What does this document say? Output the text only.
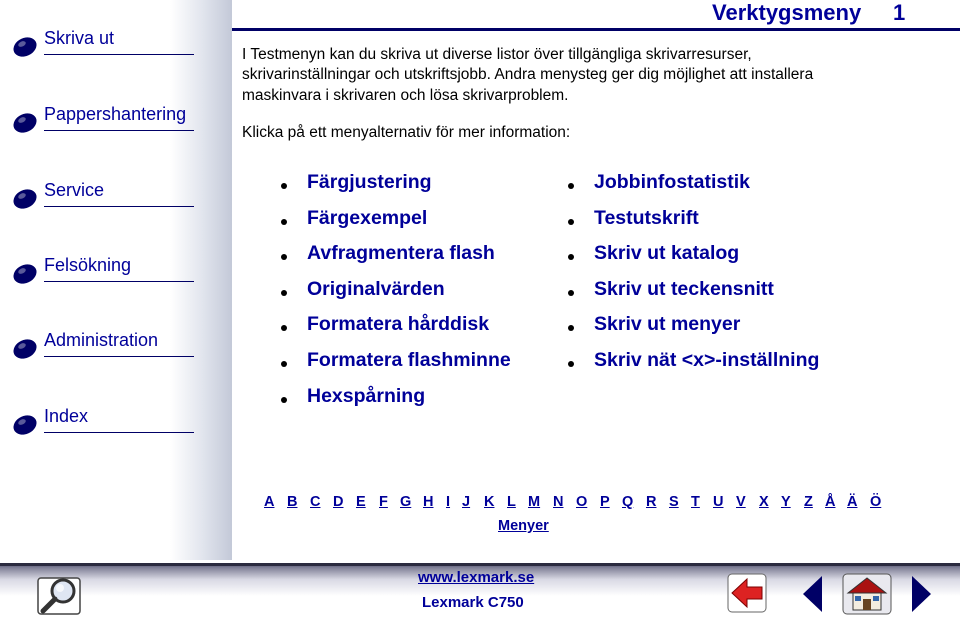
Skriva ut
Pappershantering
Service
Felsökning
Administration
Index
Verktygsmeny 1
I Testmenyn kan du skriva ut diverse listor över tillgängliga skrivarresurser, skrivarinställningar och utskriftsjobb. Andra menysteg ger dig möjlighet att installera maskinvara i skrivaren och lösa skrivarproblem.
Klicka på ett menyalternativ för mer information:
Färgjustering
Färgexempel
Avfragmentera flash
Originalvärden
Formatera hårddisk
Formatera flashminne
Hexspårning
Jobbinfostatistik
Testutskrift
Skriv ut katalog
Skriv ut teckensnitt
Skriv ut menyer
Skriv nät <x>-inställning
A B C D E F G H I J K L M N O P Q R S T U V X Y Z Å Ä Ö
Menyer
www.lexmark.se
Lexmark C750
